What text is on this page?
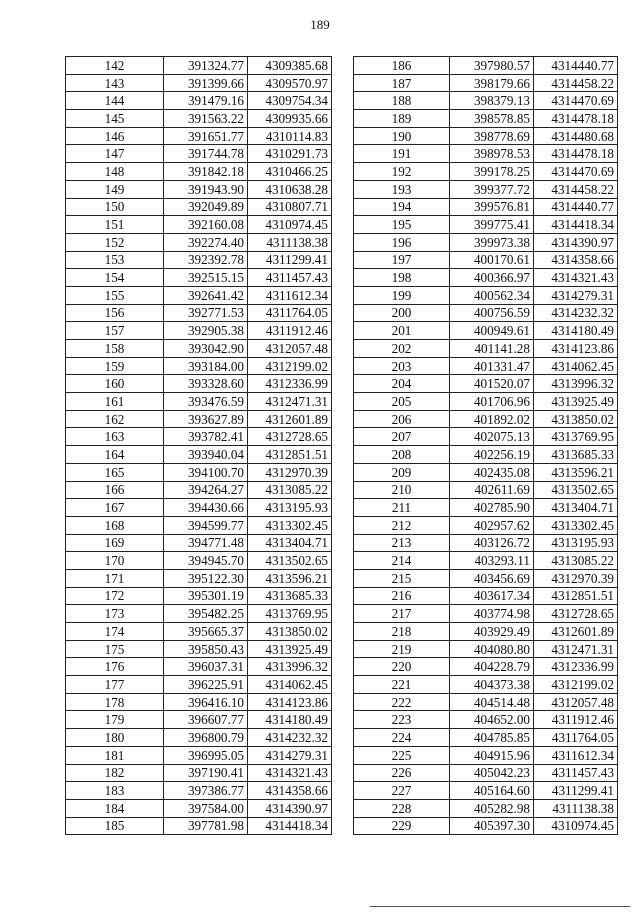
189
142	391324.77	4309385.68
143	391399.66	4309570.97
144	391479.16	4309754.34
145	391563.22	4309935.66
146	391651.77	4310114.83
147	391744.78	4310291.73
148	391842.18	4310466.25
149	391943.90	4310638.28
150	392049.89	4310807.71
151	392160.08	4310974.45
152	392274.40	4311138.38
153	392392.78	4311299.41
154	392515.15	4311457.43
155	392641.42	4311612.34
156	392771.53	4311764.05
157	392905.38	4311912.46
158	393042.90	4312057.48
159	393184.00	4312199.02
160	393328.60	4312336.99
161	393476.59	4312471.31
162	393627.89	4312601.89
163	393782.41	4312728.65
164	393940.04	4312851.51
165	394100.70	4312970.39
166	394264.27	4313085.22
167	394430.66	4313195.93
168	394599.77	4313302.45
169	394771.48	4313404.71
170	394945.70	4313502.65
171	395122.30	4313596.21
172	395301.19	4313685.33
173	395482.25	4313769.95
174	395665.37	4313850.02
175	395850.43	4313925.49
176	396037.31	4313996.32
177	396225.91	4314062.45
178	396416.10	4314123.86
179	396607.77	4314180.49
180	396800.79	4314232.32
181	396995.05	4314279.31
182	397190.41	4314321.43
183	397386.77	4314358.66
184	397584.00	4314390.97
185	397781.98	4314418.34
186	397980.57	4314440.77
187	398179.66	4314458.22
188	398379.13	4314470.69
189	398578.85	4314478.18
190	398778.69	4314480.68
191	398978.53	4314478.18
192	399178.25	4314470.69
193	399377.72	4314458.22
194	399576.81	4314440.77
195	399775.41	4314418.34
196	399973.38	4314390.97
197	400170.61	4314358.66
198	400366.97	4314321.43
199	400562.34	4314279.31
200	400756.59	4314232.32
201	400949.61	4314180.49
202	401141.28	4314123.86
203	401331.47	4314062.45
204	401520.07	4313996.32
205	401706.96	4313925.49
206	401892.02	4313850.02
207	402075.13	4313769.95
208	402256.19	4313685.33
209	402435.08	4313596.21
210	402611.69	4313502.65
211	402785.90	4313404.71
212	402957.62	4313302.45
213	403126.72	4313195.93
214	403293.11	4313085.22
215	403456.69	4312970.39
216	403617.34	4312851.51
217	403774.98	4312728.65
218	403929.49	4312601.89
219	404080.80	4312471.31
220	404228.79	4312336.99
221	404373.38	4312199.02
222	404514.48	4312057.48
223	404652.00	4311912.46
224	404785.85	4311764.05
225	404915.96	4311612.34
226	405042.23	4311457.43
227	405164.60	4311299.41
228	405282.98	4311138.38
229	405397.30	4310974.45
